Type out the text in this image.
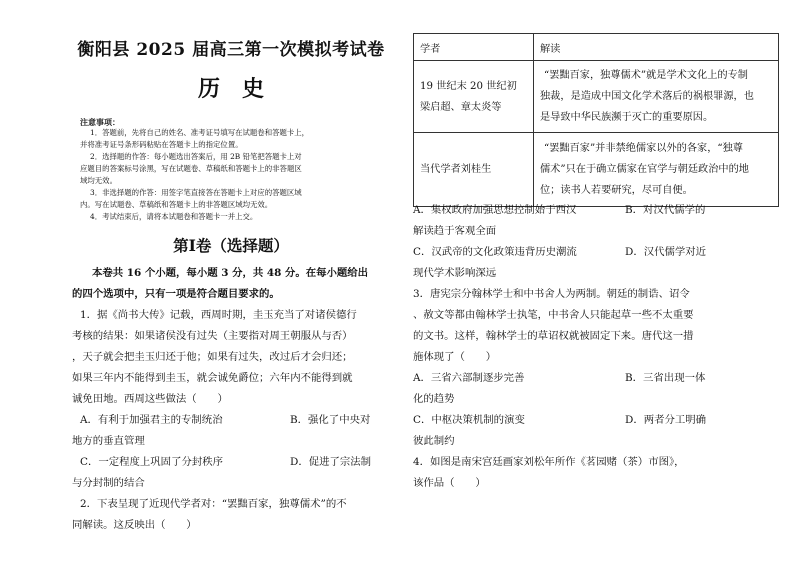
衡阳县 2025 届高三第一次模拟考试卷
历史
注意事项：
1．答题前，先将自己的姓名、准考证号填写在试题卷和答题卡上，
并将准考证号条形码粘贴在答题卡上的指定位置。
2．选择题的作答：每小题选出答案后，用 2B 铅笔把答题卡上对
应题目的答案标号涂黑，写在试题卷、草稿纸和答题卡上的非答题区
域均无效。
3．非选择题的作答：用签字笔直接答在答题卡上对应的答题区域
内。写在试题卷、草稿纸和答题卡上的非答题区域均无效。
4．考试结束后，请将本试题卷和答题卡一并上交。
第Ⅰ卷（选择题）
本卷共 16 个小题，每小题 3 分，共 48 分。在每小题给出
的四个选项中，只有一项是符合题目要求的。
1．据《尚书大传》记载，西周时期，圭玉充当了对诸侯德行
考核的结果：如果诸侯没有过失（主要指对周王朝服从与否）
，天子就会把圭玉归还于他；如果有过失，改过后才会归还；
如果三年内不能得到圭玉，就会诚免爵位；六年内不能得到就
诚免田地。西周这些做法（　　）
A．有利于加强君主的专制统治	B．强化了中央对
地方的垂直管理
C．一定程度上巩固了分封秩序	D．促进了宗法制
与分封制的结合
2．下表呈现了近现代学者对：“罢黜百家，独尊儒术”的不
同解读。这反映出（　　）
学者	解读

19 世纪末 20 世纪初
梁启超、章太炎等	“罢黜百家，独尊儒术”就是学术文化上的专制
独裁，是造成中国文化学术落后的祸根罪源，也
是导致中华民族濒于灭亡的重要原因。

当代学者刘桂生	“罢黜百家”并非禁绝儒家以外的各家，“独尊
儒术”只在于确立儒家在官学与朝廷政治中的地
位；读书人若要研究，尽可自便。
A．集权政府加强思想控制始于西汉	B．对汉代儒学的
解读趋于客观全面
C．汉武帝的文化政策违背历史潮流	D．汉代儒学对近
现代学术影响深远
3．唐宪宗分翰林学士和中书舍人为两制。朝廷的制诰、诏令
、赦文等都由翰林学士执笔，中书舍人只能起草一些不太重要
的文书。这样，翰林学士的草诏权就被固定下来。唐代这一措
施体现了（　　）
A．三省六部制逐步完善	B．三省出现一体
化的趋势
C．中枢决策机制的演变	D．两者分工明确
彼此制约
4．如图是南宋宫廷画家刘松年所作《茗园赌（茶）市图》，
该作品（　　）
